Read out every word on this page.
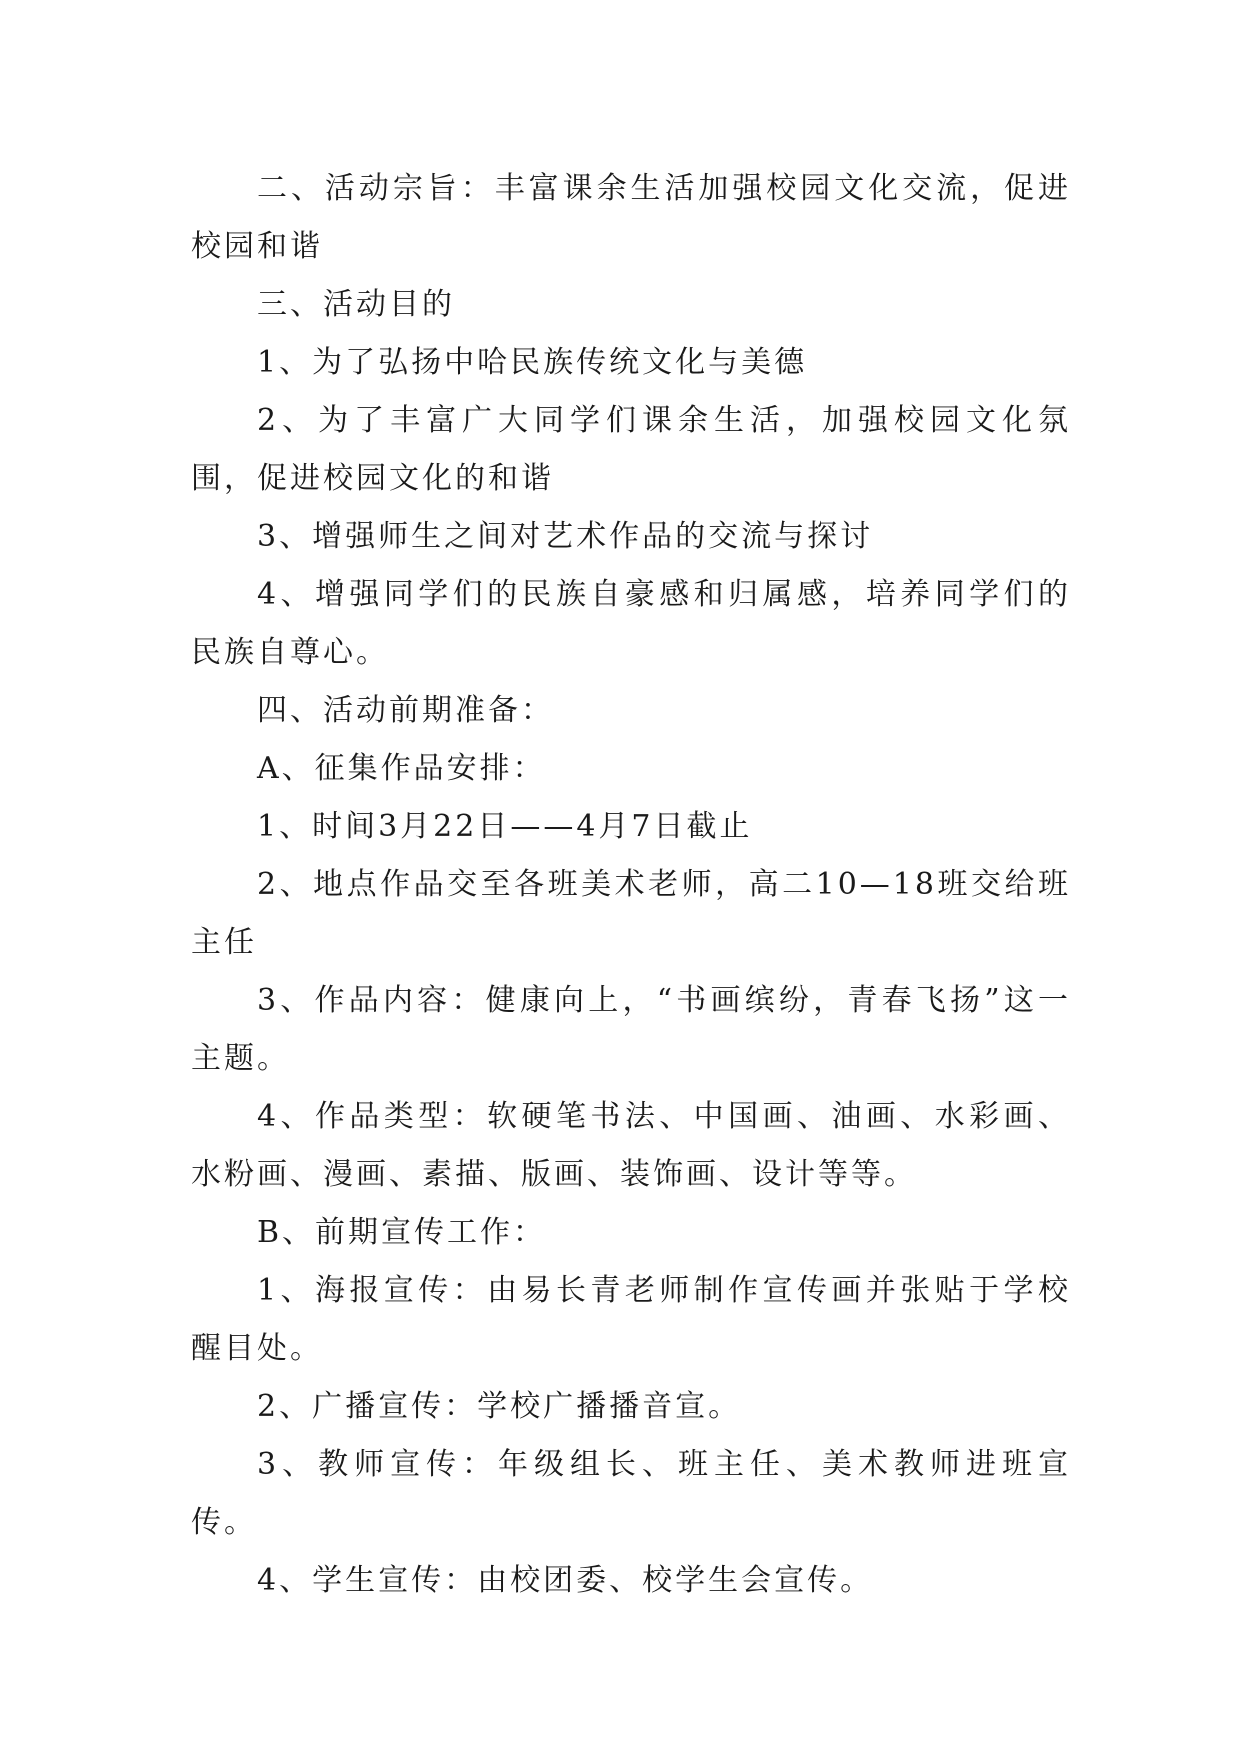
二、活动宗旨：丰富课余生活加强校园文化交流，促进校园和谐

三、活动目的

1、为了弘扬中哈民族传统文化与美德

2、为了丰富广大同学们课余生活，加强校园文化氛围，促进校园文化的和谐

3、增强师生之间对艺术作品的交流与探讨

4、增强同学们的民族自豪感和归属感，培养同学们的民族自尊心。

四、活动前期准备：

A、征集作品安排：

1、时间3月22日——4月7日截止

2、地点作品交至各班美术老师，高二10—18班交给班主任

3、作品内容：健康向上，“书画缤纷，青春飞扬”这一主题。

4、作品类型：软硬笔书法、中国画、油画、水彩画、水粉画、漫画、素描、版画、装饰画、设计等等。

B、前期宣传工作：

1、海报宣传：由易长青老师制作宣传画并张贴于学校醒目处。

2、广播宣传：学校广播播音宣。

3、教师宣传：年级组长、班主任、美术教师进班宣传。

4、学生宣传：由校团委、校学生会宣传。
